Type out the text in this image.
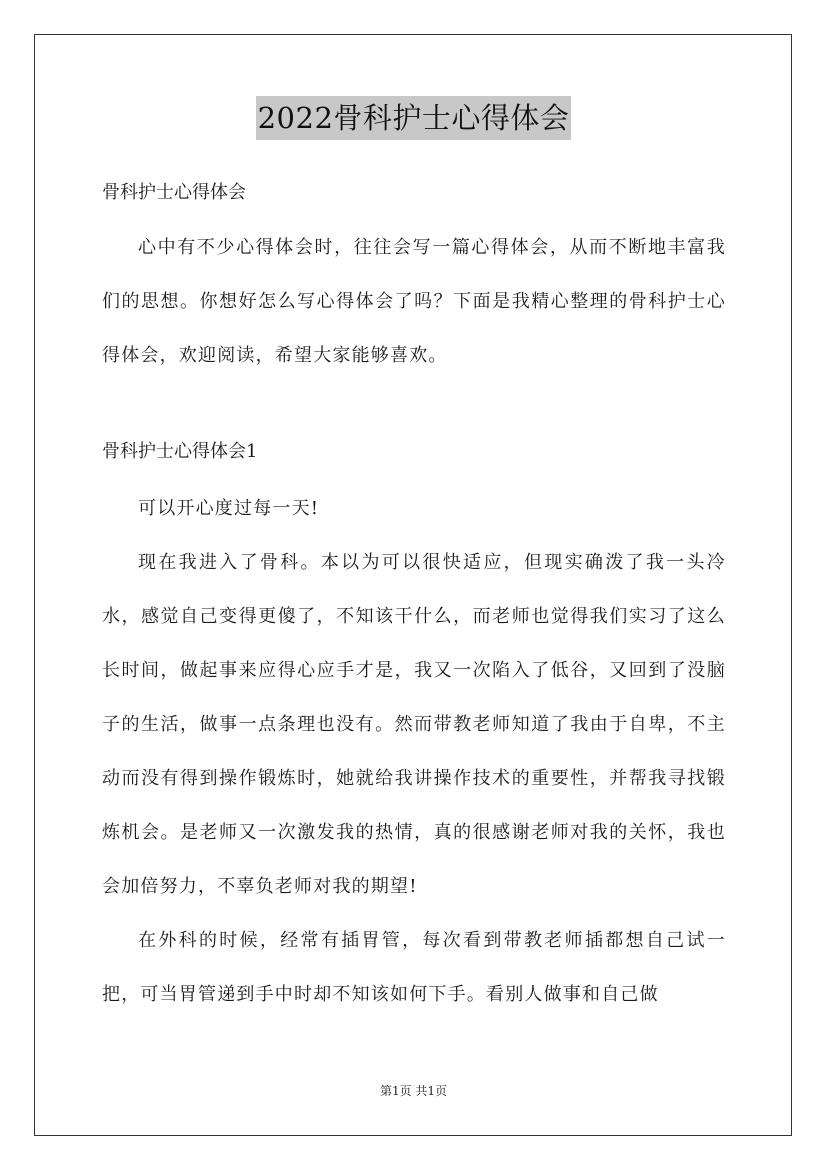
2022骨科护士心得体会

骨科护士心得体会

心中有不少心得体会时，往往会写一篇心得体会，从而不断地丰富我们的思想。你想好怎么写心得体会了吗？下面是我精心整理的骨科护士心得体会，欢迎阅读，希望大家能够喜欢。

骨科护士心得体会1

可以开心度过每一天!

现在我进入了骨科。本以为可以很快适应，但现实确泼了我一头冷水，感觉自己变得更傻了，不知该干什么，而老师也觉得我们实习了这么长时间，做起事来应得心应手才是，我又一次陷入了低谷，又回到了没脑子的生活，做事一点条理也没有。然而带教老师知道了我由于自卑，不主动而没有得到操作锻炼时，她就给我讲操作技术的重要性，并帮我寻找锻炼机会。是老师又一次激发我的热情，真的很感谢老师对我的关怀，我也会加倍努力，不辜负老师对我的期望!

在外科的时候，经常有插胃管，每次看到带教老师插都想自己试一把，可当胃管递到手中时却不知该如何下手。看别人做事和自己做

第1页 共1页
